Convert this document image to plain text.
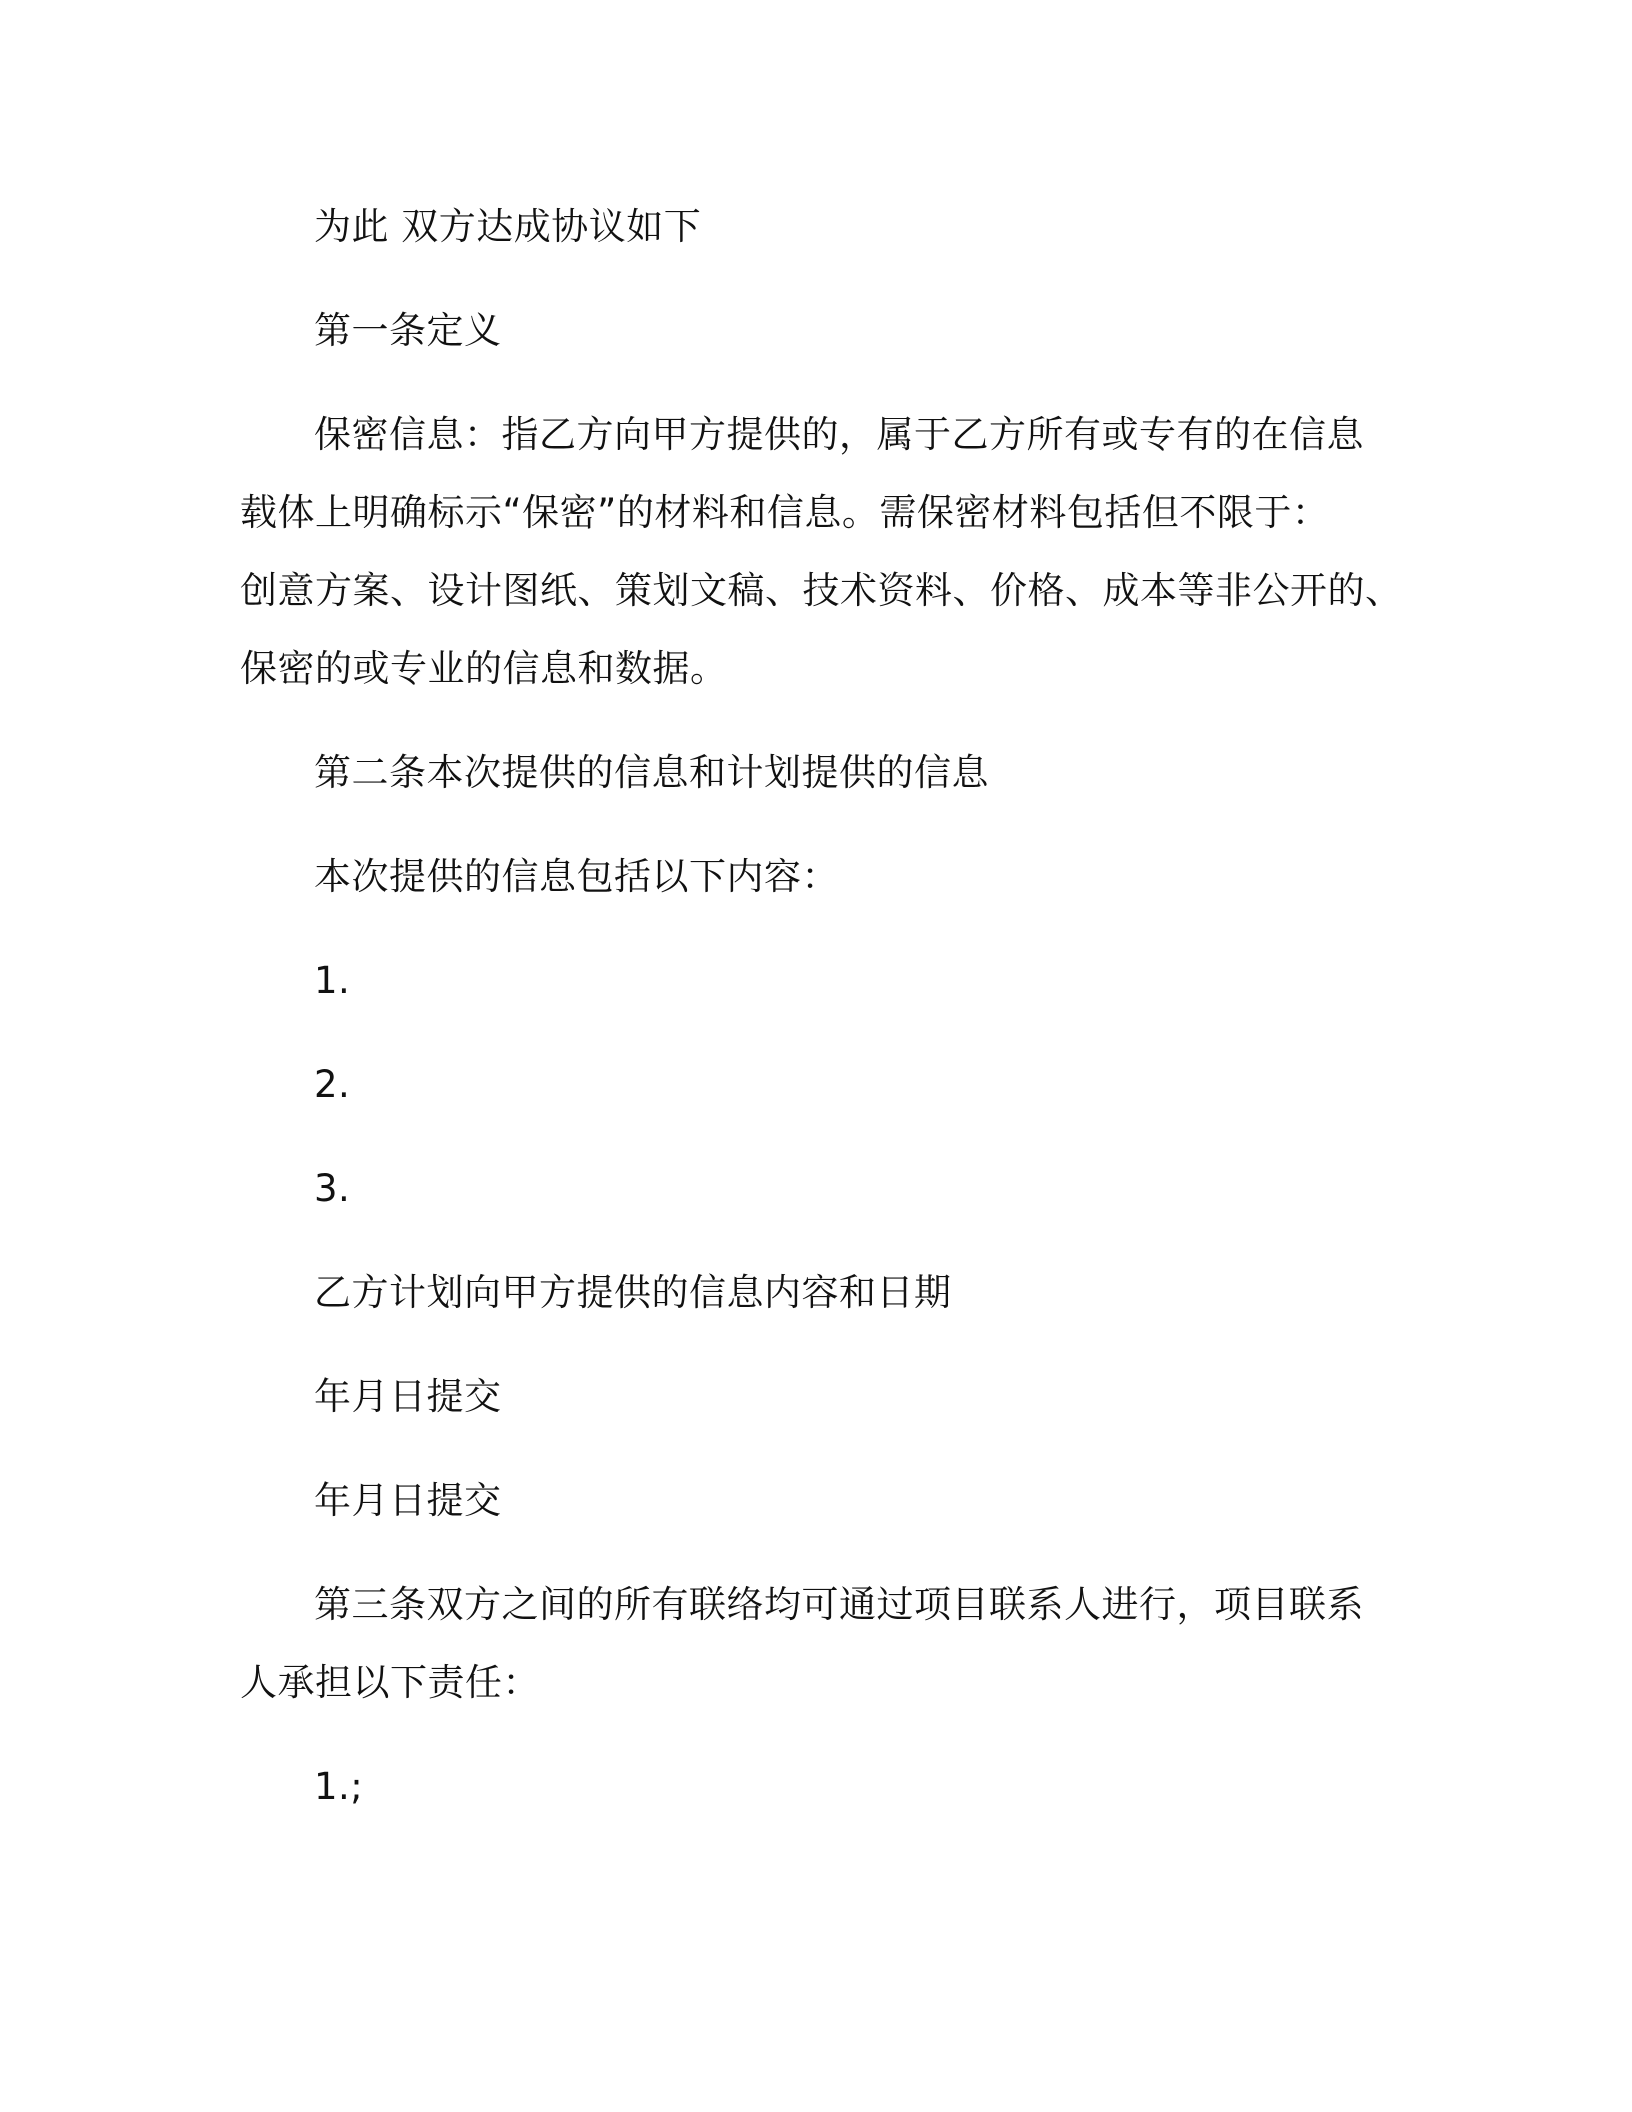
为此 双方达成协议如下

第一条定义

保密信息：指乙方向甲方提供的，属于乙方所有或专有的在信息

载体上明确标示“保密”的材料和信息。需保密材料包括但不限于：

创意方案、设计图纸、策划文稿、技术资料、价格、成本等非公开的、

保密的或专业的信息和数据。

第二条本次提供的信息和计划提供的信息

本次提供的信息包括以下内容：

1.

2.

3.

乙方计划向甲方提供的信息内容和日期

年月日提交

年月日提交

第三条双方之间的所有联络均可通过项目联系人进行，项目联系

人承担以下责任：

1.;
